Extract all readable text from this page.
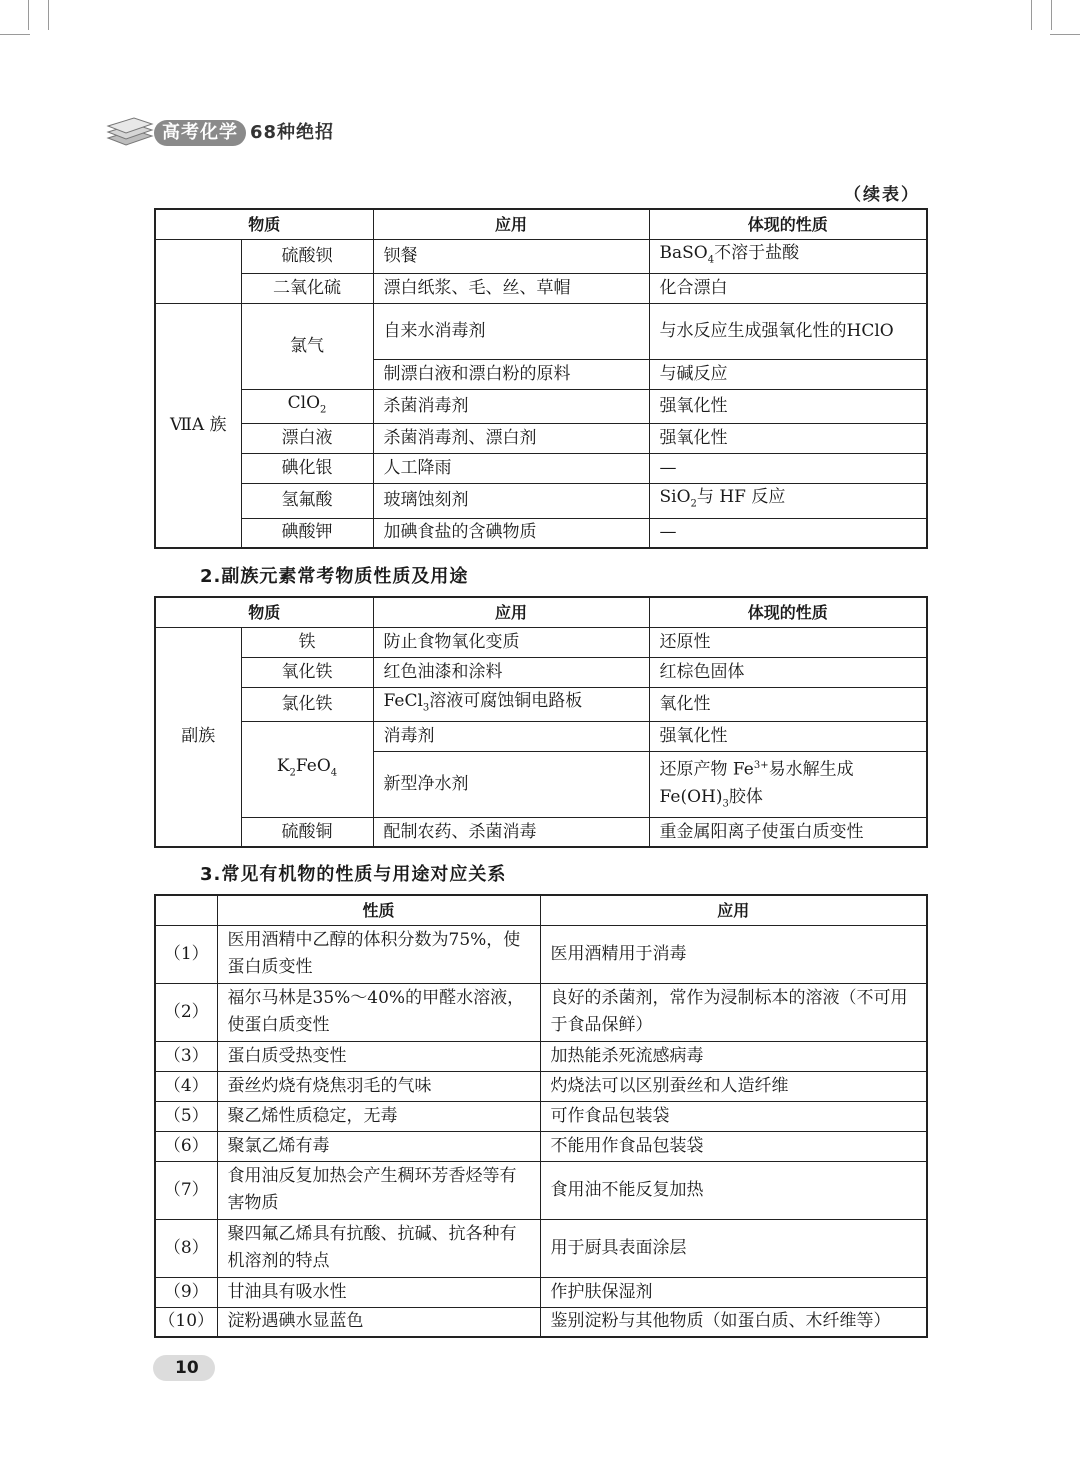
高考化学 68种绝招
（续表）
物质		应用	体现的性质
	硫酸钡	钡餐	BaSO$_4$不溶于盐酸
	二氧化硫	漂白纸浆、毛、丝、草帽	化合漂白
ⅦA 族	氯气	自来水消毒剂	与水反应生成强氧化性的HClO
		制漂白液和漂白粉的原料	与碱反应
	ClO$_2$	杀菌消毒剂	强氧化性
	漂白液	杀菌消毒剂、漂白剂	强氧化性
	碘化银	人工降雨	—
	氢氟酸	玻璃蚀刻剂	SiO$_2$与 HF 反应
	碘酸钾	加碘食盐的含碘物质	—
2.副族元素常考物质性质及用途
物质		应用	体现的性质
副族	铁	防止食物氧化变质	还原性
	氧化铁	红色油漆和涂料	红棕色固体
	氯化铁	FeCl$_3$溶液可腐蚀铜电路板	氧化性
	$K_2FeO_4$	消毒剂	强氧化性
		新型净水剂	还原产物 $Fe^{3+}$易水解生成 $Fe(OH)_3$胶体
	硫酸铜	配制农药、杀菌消毒	重金属阳离子使蛋白质变性
3.常见有机物的性质与用途对应关系
	性质	应用
（1）	医用酒精中乙醇的体积分数为75%，使蛋白质变性	医用酒精用于消毒
（2）	福尔马林是35%～40%的甲醛水溶液，使蛋白质变性	良好的杀菌剂，常作为浸制标本的溶液（不可用于食品保鲜）
（3）	蛋白质受热变性	加热能杀死流感病毒
（4）	蚕丝灼烧有烧焦羽毛的气味	灼烧法可以区别蚕丝和人造纤维
（5）	聚乙烯性质稳定，无毒	可作食品包装袋
（6）	聚氯乙烯有毒	不能用作食品包装袋
（7）	食用油反复加热会产生稠环芳香烃等有害物质	食用油不能反复加热
（8）	聚四氟乙烯具有抗酸、抗碱、抗各种有机溶剂的特点	用于厨具表面涂层
（9）	甘油具有吸水性	作护肤保湿剂
（10）	淀粉遇碘水显蓝色	鉴别淀粉与其他物质（如蛋白质、木纤维等）
10
